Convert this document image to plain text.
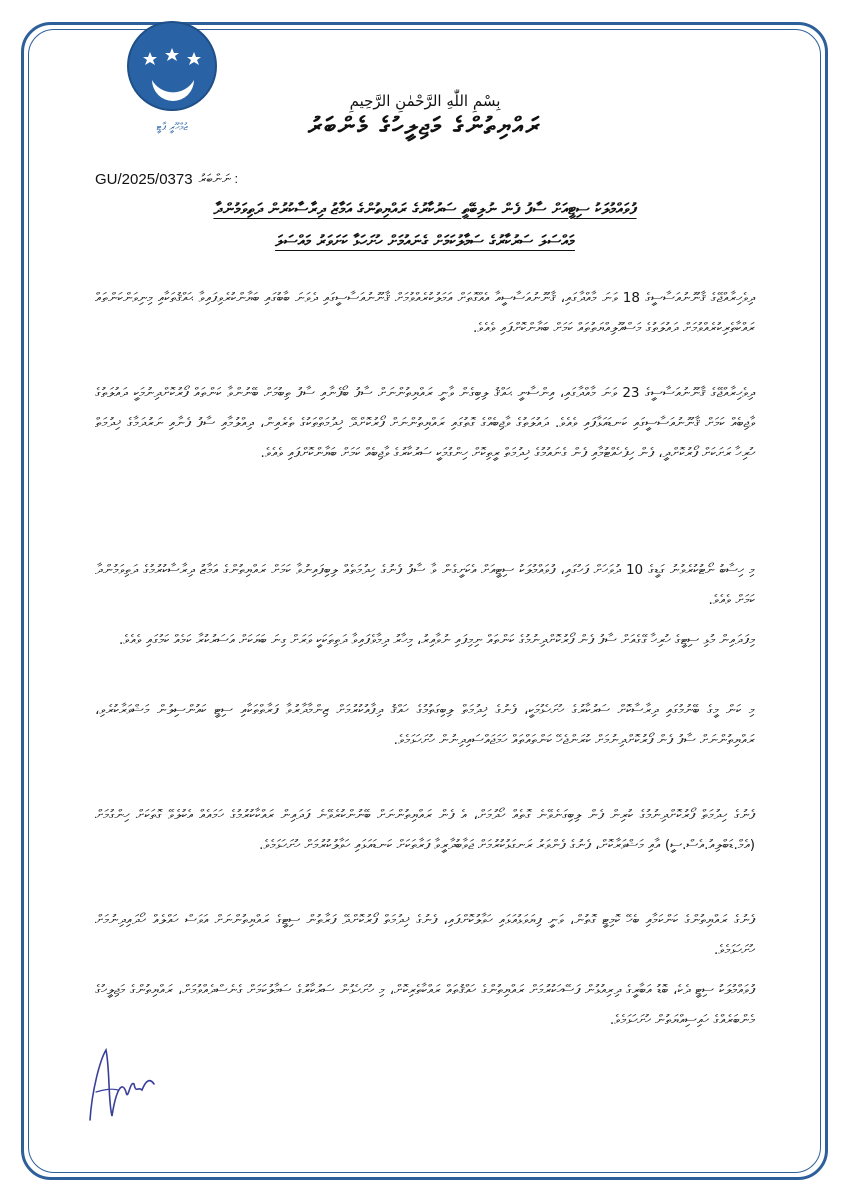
ޖުމްހޫރީ ޕާޓީ
بِسْمِ اللّٰهِ الرَّحْمٰنِ الرَّحِيمِ
ރައްޔިތުންގެ މަޖިލީހުގެ މެންބަރު
GU/2025/0373 : ނަންބަރު
ފުވައްމުލަކު ސިޓީއަށް ސާފު ފެން ނުލިބޭތީ ސަރުކާރުގެ ރައްޔިތުންގެ އަމާޒު ދިރާސާކުރުން ދަތިވަމުންދާ
މައްސަލަ ސަރުކާރުގެ ސަމާލުކަމަށް ގެނައުމަށް ހުށަހަޅާ ކަށަވަރު މައްސަލަ
ދިވެހިރާއްޖޭގެ ޤާނޫނުއަސާސީގެ 18 ވަނަ މާއްދާގައި، ޤާނޫނުއަސާސީއާ އެއްގޮތަށް އަމަލުކުރެއްވުމަށް ޤާނޫނުއަސާސީގައި ދެވަނަ ބާބުގައި ބަޔާންކުރެވިފައިވާ ޙައްޤުތަކާއި މިނިވަންކަންތައް ރައްކާތެރިކުރެއްވުމަށް ދައުލަތުގެ މަސްއޫލިއްޔަތުތައް ކަމަށް ބަޔާންކޮށްފައި ވެއެވެ.
ދިވެހިރާއްޖޭގެ ޤާނޫނުއަސާސީގެ 23 ވަނަ މާއްދާގައި، އިންސާނީ ޙައްޤު ލިބިގެން ވާނީ ރައްޔިތުންނަށް ސާފު ބޯފެނާއި ސާފު ތިބުމަށް ބޭނުންވާ ކަންތައް ފޯރުކޮށްދިނުމަކީ ދައުލަތުގެ ވާޖިބެއް ކަމަށް ޤާނޫނުއަސާސީގައި ކަނޑައަޅާފައި ވެއެވެ. ދައުލަތުގެ ވާޖިބެއްގެ ގޮތުގައި ރައްޔިތުންނަށް ފޯރުކޮށްދޭ ޚިދުމަތްތަކުގެ ތެރެއިން، ދިއްލުމާއި ސާފު ފެނާއި ނަރުދަމާގެ ޚިދުމަތް ހުރިހާ ރަށަކަށް ފޯރުކޮށްދީ، ފެން ހިފެހެއްޓުމާއި ފެން ގެނައުމުގެ ޚިދުމަތް ރީތިކޮށް ހިންގުމަކީ ސަރުކާރުގެ ވާޖިބެއް ކަމަށް ބަޔާންކޮށްފައި ވެއެވެ.
މި ހިސާބު ނޯޓުކުރެވުނު ގަޑީގެ 10 ދުވަހަށް ފަހުގައި، ފުވައްމުލަކު ސިޓީއަށް އެކަށީގެން ވާ ސާފު ފެނުގެ ހިދުމަތެއް ލިބިފައިނުވާ ކަމަށް ރައްޔިތުންގެ އަމާޒު ދިރާސާކުރުމުގެ ދަތިވަމުންދާ ކަމަށް ވެއެވެ.
މިފަދައިން މުޅި ސިޓީގެ ހުރިހާ ގޭގެއަށް ސާފު ފެން ފޯރުކޮށްދިނުމުގެ ކަންތައް ނިމިފައި ނުވާއިރު، މިހާރު ދިމާވެފައިވާ ދަތިތަކަކީ ވަރަށް ގިނަ ބަޔަކަށް އަސަރުކުރާ ކަމެއް ކަމުގައި ވެއެވެ.
މި ކަން މީގެ ބޭނުމުގައި ދިރާސާކޮށް ސަރުކާރުގެ ހުށަހެޅުމަކީ، ފެނުގެ ޚިދުމަތް ލިބިގަތުމުގެ ހައްޤު ދިފާއުކުރުމަށް ޒިންމާދާރުވާ ފަރާތްތަކާއި ސިޓީ ކައުންސިލުން މަޝްވަރާކުރެވި، ރައްޔިތުންނަށް ސާފު ފެން ފޯރުކޮށްދިނުމަށް ކުރަންޖެހޭ ކަންތައްތައް ހަމަޖައްސައިދިނުން ހުށަހަޅަމެވެ.
ފެނުގެ ހިދުމަތް ފޯރުކޮށްދިނުމުގެ ކުރިން ފެން ލިބިގަނެވޭނެ ގޮތެއް ހޯދުމަށް، އެ ފެން ރައްޔިތުންނަށް ބޭނުންކުރެވޭނެ ފަދައިން ރައްކާކުރުމުގެ ހަމައެއް އެކުލެވޭ ގޮތަކަށް ހިންގުމަށް (އެމް.ޑަބްލިއު.އެސް.ސީ) އާއި މަޝްވަރާކޮށް، ފެނުގެ ފެންވަރު ރަނގަޅުކުރުމަށް ޖަވާބުދާރީވާ ފަރާތަކަށް ކަނޑައަޅައި ހަވާލުކުރުމަށް ހުށަހަޅަމެވެ.
ފެނުގެ ރައްޔިތުންގެ ކަންކަމާއި ބެހޭ ކޮމިޓީ ގޮތުން، ވަނީ ފިޔަވަޅުއަޅައި ހަވާލުކޮށްފައި، ފެނުގެ ޚިދުމަތް ފޯރުކޮށްދޭ ފަރާތުން ސިޓީގެ ރައްޔިތުންނަށް އަވަސް ހައްލެއް ހޯދައިދިނުމަށް ހުށަހަޅަމެވެ.
ފުވައްމުލަކު ސިޓީ ދެކެ، ބޮޑު އަބާރީގެ ދިރިއުޅުން ފަސޭހަކުރުމަށް ރައްޔިތުންގެ ހައްޤުތައް ރައްކާތެރިކޮށް، މި ހުށަހެޅުން ސަރުކާރުގެ ސަމާލުކަމަށް ގެނެސްދެއްވުމަށް، ރައްޔިތުންގެ މަޖިލީހުގެ މެންބަރެއްގެ ހައިސިއްޔަތުން ހުށަހަޅަމެވެ.
